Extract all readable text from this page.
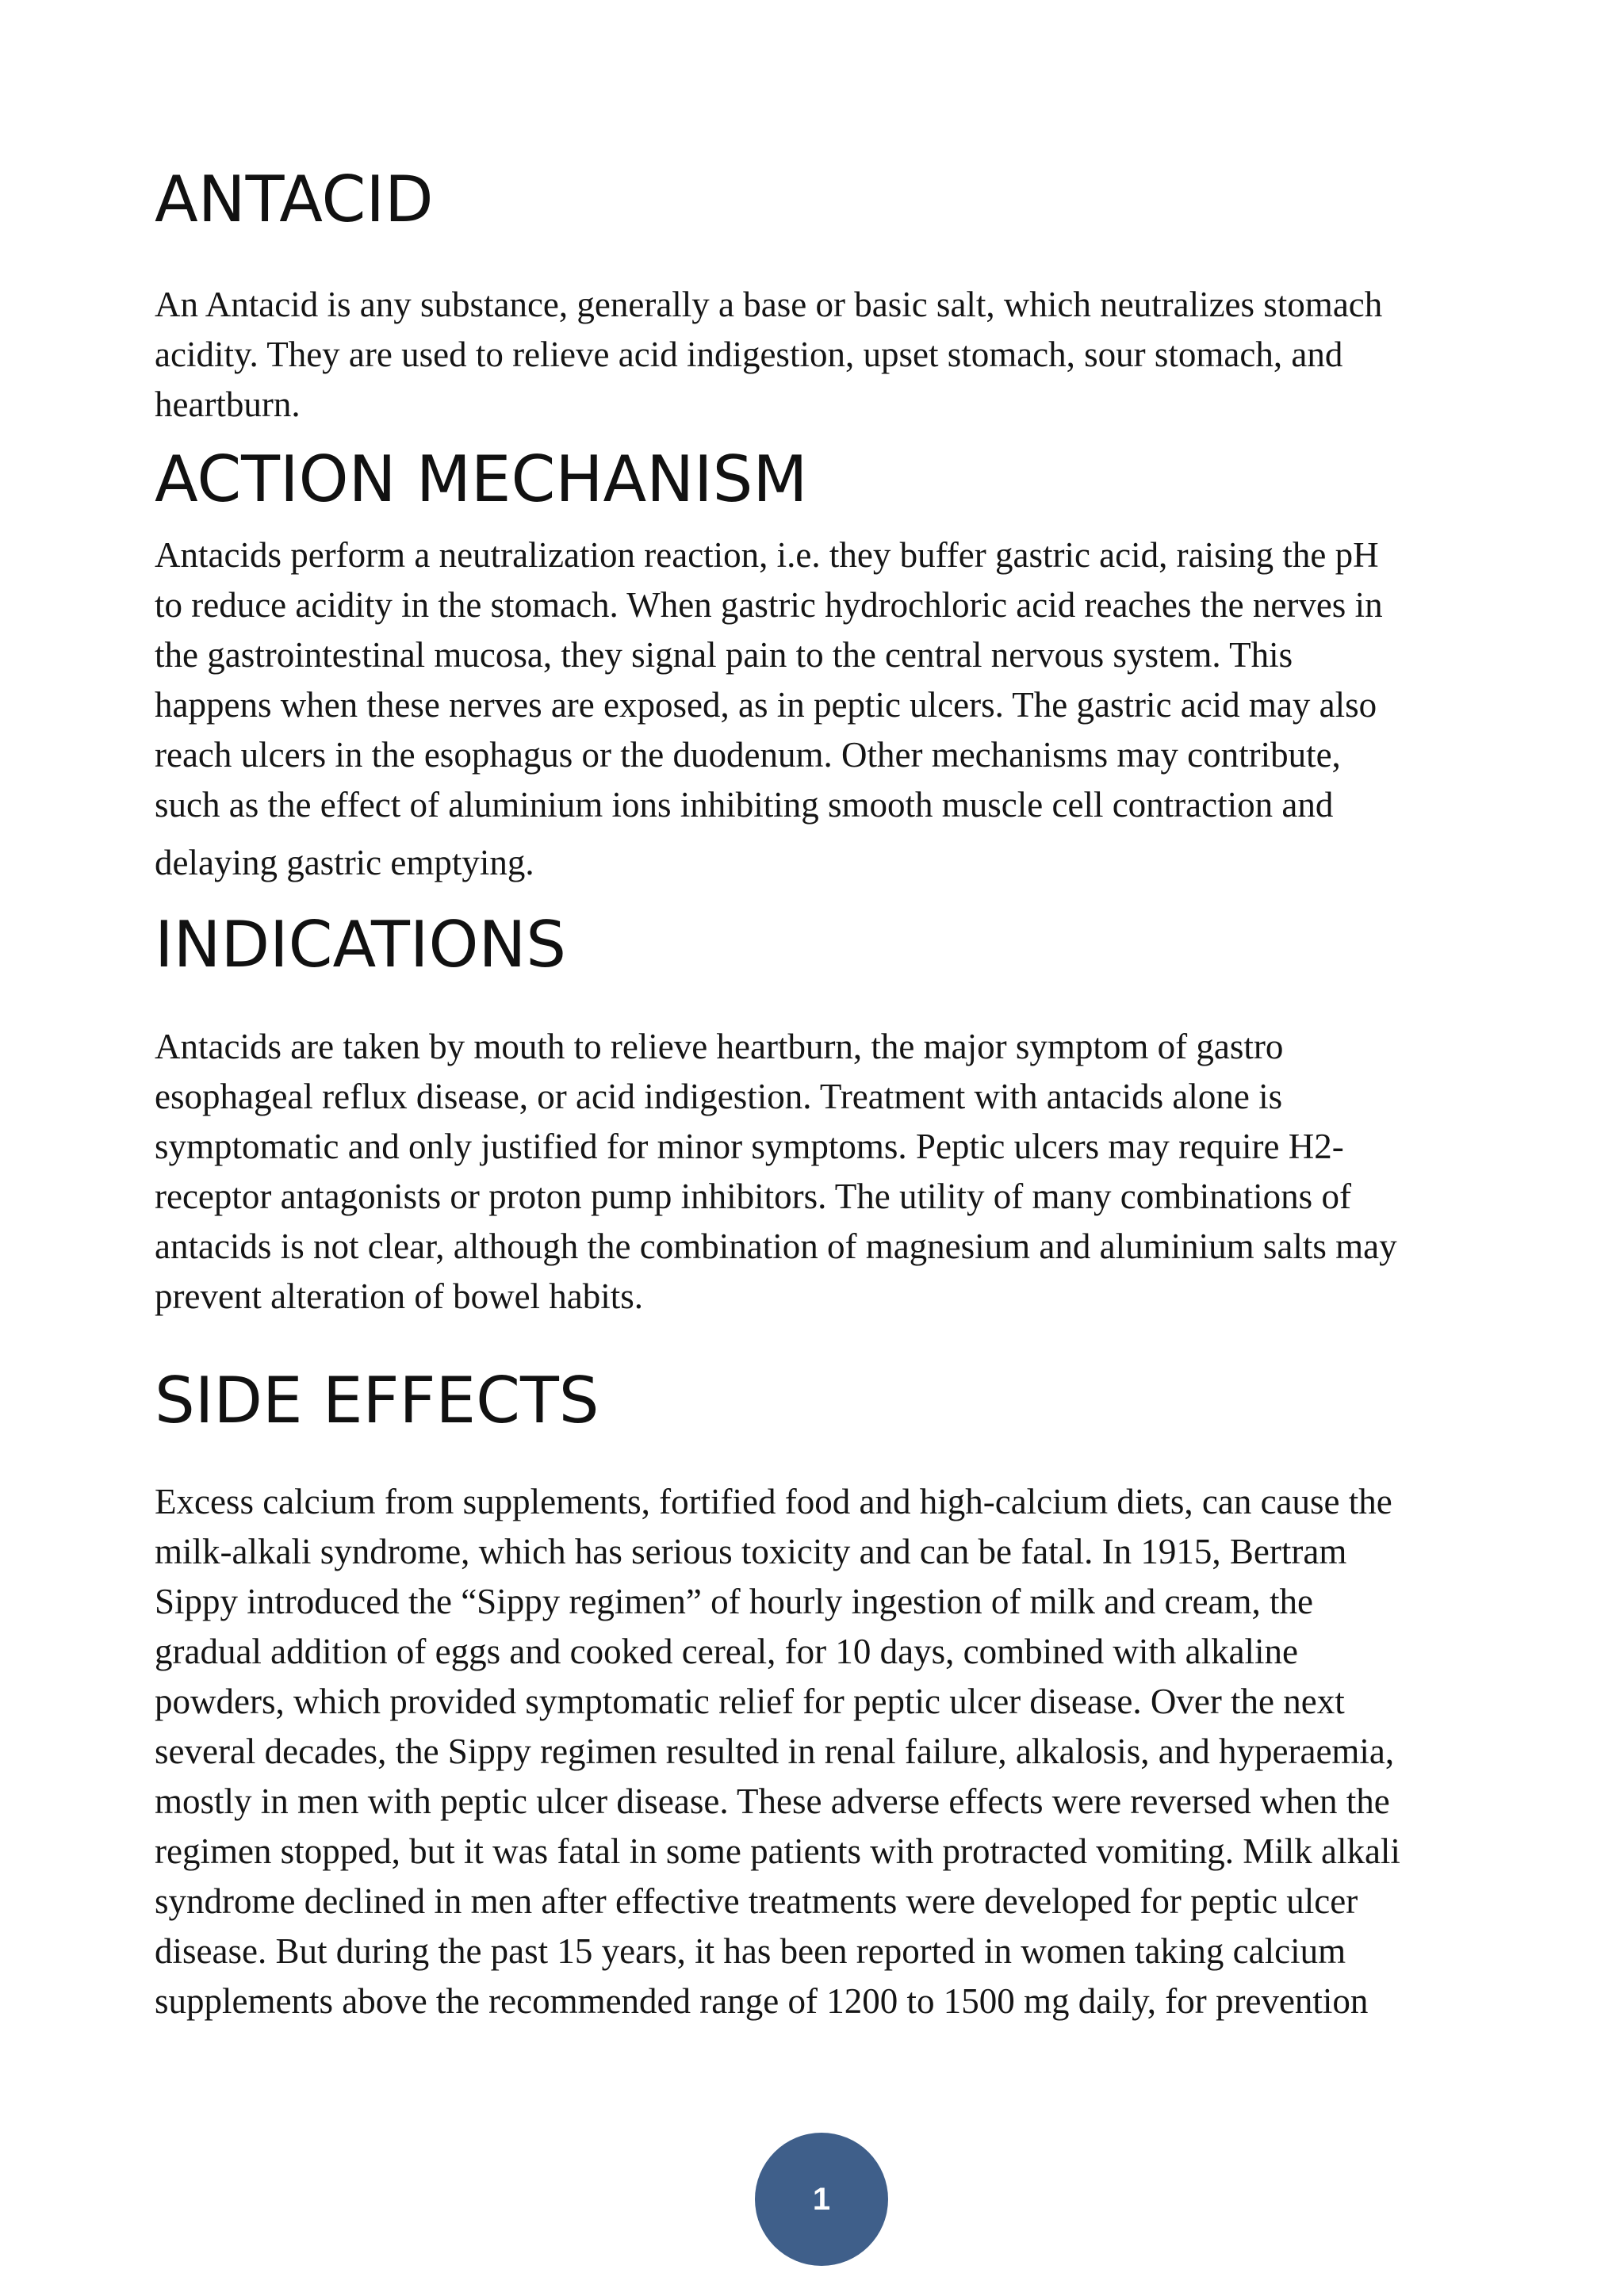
ANTACID
An Antacid is any substance, generally a base or basic salt, which neutralizes stomach
acidity. They are used to relieve acid indigestion, upset stomach, sour stomach, and
heartburn.
ACTION MECHANISM
Antacids perform a neutralization reaction, i.e. they buffer gastric acid, raising the pH
to reduce acidity in the stomach. When gastric hydrochloric acid reaches the nerves in
the gastrointestinal mucosa, they signal pain to the central nervous system. This
happens when these nerves are exposed, as in peptic ulcers. The gastric acid may also
reach ulcers in the esophagus or the duodenum. Other mechanisms may contribute,
such as the effect of aluminium ions inhibiting smooth muscle cell contraction and
delaying gastric emptying.
INDICATIONS
Antacids are taken by mouth to relieve heartburn, the major symptom of gastro
esophageal reflux disease, or acid indigestion. Treatment with antacids alone is
symptomatic and only justified for minor symptoms. Peptic ulcers may require H2-
receptor antagonists or proton pump inhibitors. The utility of many combinations of
antacids is not clear, although the combination of magnesium and aluminium salts may
prevent alteration of bowel habits.
SIDE EFFECTS
Excess calcium from supplements, fortified food and high-calcium diets, can cause the
milk-alkali syndrome, which has serious toxicity and can be fatal. In 1915, Bertram
Sippy introduced the “Sippy regimen” of hourly ingestion of milk and cream, the
gradual addition of eggs and cooked cereal, for 10 days, combined with alkaline
powders, which provided symptomatic relief for peptic ulcer disease. Over the next
several decades, the Sippy regimen resulted in renal failure, alkalosis, and hyperaemia,
mostly in men with peptic ulcer disease. These adverse effects were reversed when the
regimen stopped, but it was fatal in some patients with protracted vomiting. Milk alkali
syndrome declined in men after effective treatments were developed for peptic ulcer
disease. But during the past 15 years, it has been reported in women taking calcium
supplements above the recommended range of 1200 to 1500 mg daily, for prevention
1
